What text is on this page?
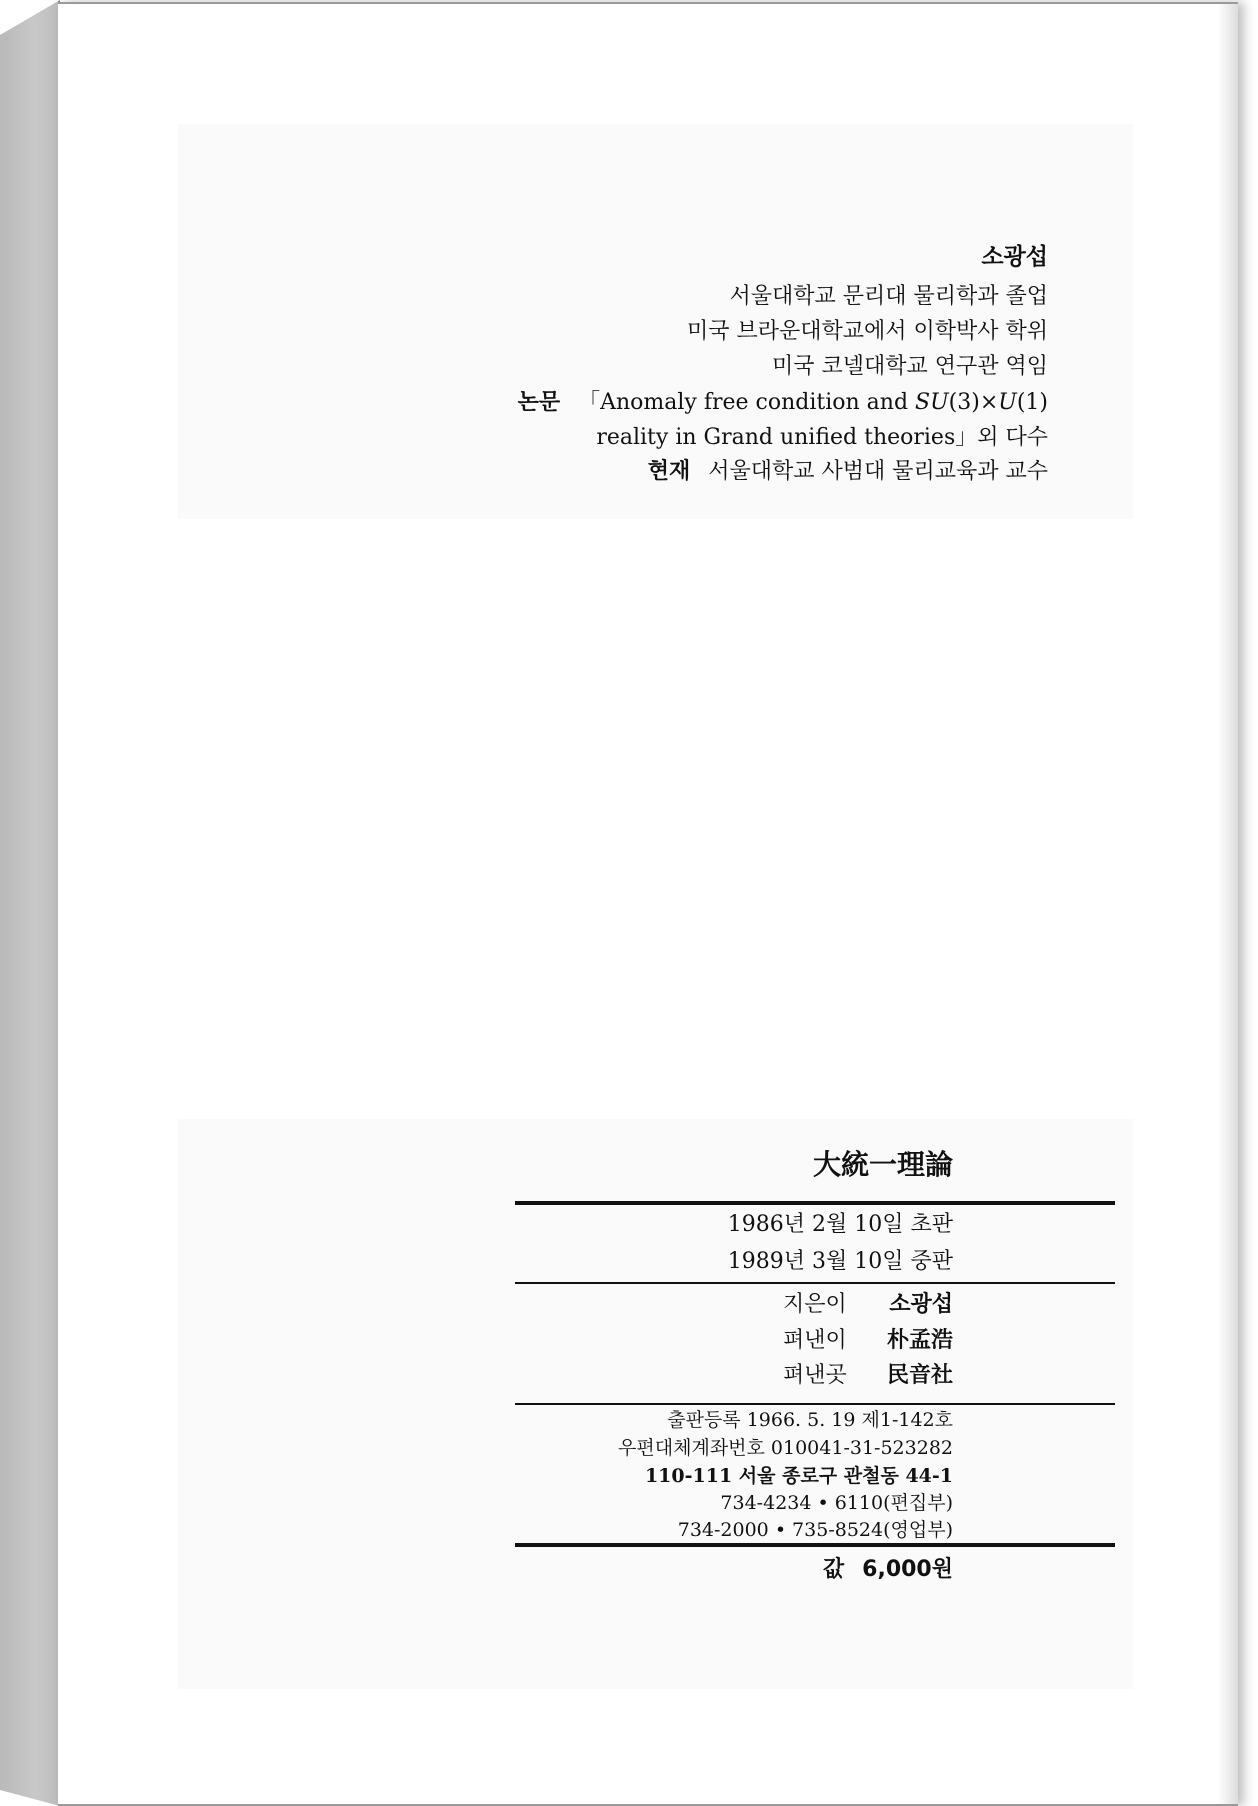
소광섭
서울대학교 문리대 물리학과 졸업
미국 브라운대학교에서 이학박사 학위
미국 코넬대학교 연구관 역임
논문 「Anomaly free condition and SU(3)×U(1)
reality in Grand unified theories」외 다수
현재 서울대학교 사범대 물리교육과 교수
大統一理論
1986년 2월 10일 초판
1989년 3월 10일 중판
지은이 소광섭
펴낸이 朴孟浩
펴낸곳 民音社
출판등록 1966. 5. 19 제1-142호
우편대체계좌번호 010041-31-523282
110-111 서울 종로구 관철동 44-1
734-4234 • 6110(편집부)
734-2000 • 735-8524(영업부)
값 6,000원
